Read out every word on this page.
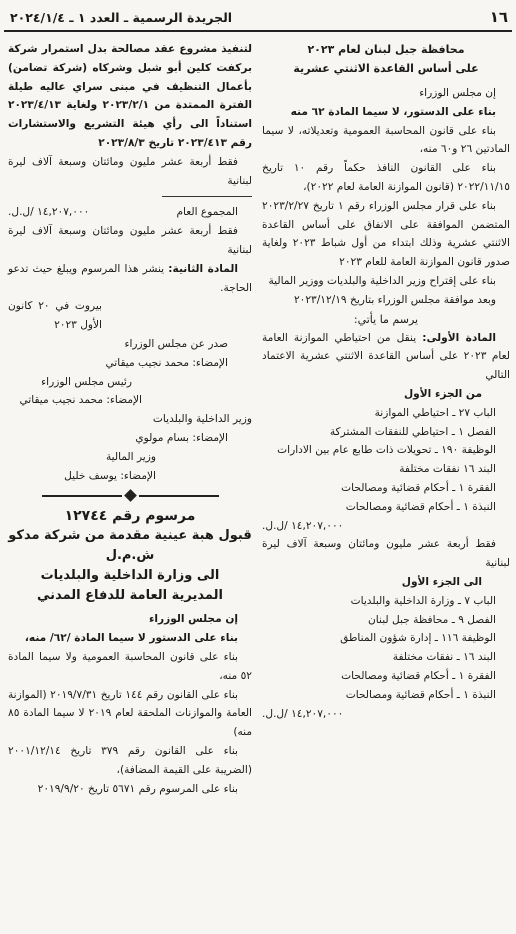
١٦
الجريدة الرسمية ـ العدد ١ ـ ٢٠٢٤/١/٤

محافظة جبل لبنان لعام ٢٠٢٣

على أساس القاعدة الاثنتي عشرية

إن مجلس الوزراء

بناء على الدستور، لا سيما المادة ٦٢ منه

بناء على قانون المحاسبة العمومية وتعديلاته، لا سيما المادتين ٢٦ و٦٠ منه،

بناء على القانون النافذ حكماً رقم ١٠ تاريخ ٢٠٢٢/١١/١٥ (قانون الموازنة العامة لعام ٢٠٢٢)،

بناء على قرار مجلس الوزراء رقم ١ تاريخ ٢٠٢٣/٢/٢٧ المتضمن الموافقة على الانفاق على أساس القاعدة الاثنتي عشرية وذلك ابتداء من أول شباط ٢٠٢٣ ولغاية صدور قانون الموازنة العامة للعام ٢٠٢٣

بناء على إقتراح وزير الداخلية والبلديات ووزير المالية

وبعد موافقة مجلس الوزراء بتاريخ ٢٠٢٣/١٢/١٩

يرسم ما يأتي:

المادة الأولى: ينقل من احتياطي الموازنة العامة لعام ٢٠٢٣ على أساس القاعدة الاثنتي عشرية الاعتماد التالي

من الجزء الأول

الباب ٢٧ ـ احتياطي الموازنة

الفصل ١ ـ احتياطي للنفقات المشتركة

الوظيفة ١٩٠ ـ تحويلات ذات طابع عام بين الادارات

البند ١٦ نفقات مختلفة

الفقرة ١ ـ أحكام قضائية ومصالحات

النبذة ١ ـ أحكام قضائية ومصالحات

١٤,٢٠٧,٠٠٠ /ل.ل.

فقط أربعة عشر مليون ومائتان وسبعة آلاف ليرة لبنانية

الى الجزء الأول

الباب ٧ ـ وزارة الداخلية والبلديات

الفصل ٩ ـ محافظة جبل لبنان

الوظيفة ١١٦ ـ إدارة شؤون المناطق

البند ١٦ ـ نفقات مختلفة

الفقرة ١ ـ أحكام قضائية ومصالحات

النبذة ١ ـ أحكام قضائية ومصالحات

١٤,٢٠٧,٠٠٠ /ل.ل.

لتنفيذ مشروع عقد مصالحة بدل استمرار شركة بركفت كلين أبو شبل وشركاه (شركة تضامن) بأعمال التنظيف في مبنى سراي عاليه طيلة الفترة الممتدة من ٢٠٢٣/٢/١ ولغاية ٢٠٢٣/٤/١٣ استناداً الى رأي هيئة التشريع والاستشارات رقم ٢٠٢٣/٤١٣ تاريخ ٢٠٢٣/٨/٣

فقط أربعة عشر مليون ومائتان وسبعة آلاف ليرة لبنانية

المجموع العام
١٤,٢٠٧,٠٠٠ /ل.ل.

فقط أربعة عشر مليون ومائتان وسبعة آلاف ليرة لبنانية

المادة الثانية: ينشر هذا المرسوم ويبلغ حيث تدعو الحاجة.

بيروت في ٢٠ كانون الأول ٢٠٢٣

صدر عن مجلس الوزراء

الإمضاء: محمد نجيب ميقاتي

رئيس مجلس الوزراء

الإمضاء: محمد نجيب ميقاتي

وزير الداخلية والبلديات

الإمضاء: بسام مولوي

وزير المالية

الإمضاء: يوسف خليل

مرسوم رقم ١٢٧٤٤

قبول هبة عينية مقدمة من شركة مدكو ش.م.ل

الى وزارة الداخلية والبلديات

المديرية العامة للدفاع المدني

إن مجلس الوزراء

بناء على الدستور لا سيما المادة /٦٢/ منه،

بناء على قانون المحاسبة العمومية ولا سيما المادة ٥٢ منه،

بناء على القانون رقم ١٤٤ تاريخ ٢٠١٩/٧/٣١ (الموازنة العامة والموازنات الملحقة لعام ٢٠١٩ لا سيما المادة ٨٥ منه)

بناء على القانون رقم ٣٧٩ تاريخ ٢٠٠١/١٢/١٤ (الضريبة على القيمة المضافة)،

بناء على المرسوم رقم ٥٦٧١ تاريخ ٢٠١٩/٩/٢٠
